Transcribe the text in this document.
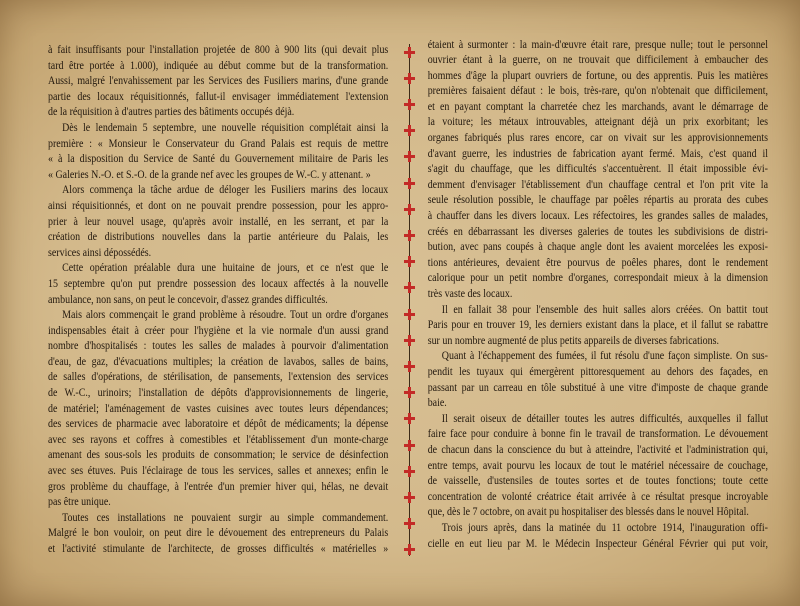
à fait insuffisants pour l'installation projetée de 800 à 900 lits (qui devait plus
tard être portée à 1.000), indiquée au début comme but de la transformation.
Aussi, malgré l'envahissement par les Services des Fusiliers marins, d'une grande
partie des locaux réquisitionnés, fallut-il envisager immédiatement l'extension
de la réquisition à d'autres parties des bâtiments occupés déjà.
Dès le lendemain 5 septembre, une nouvelle réquisition complétait ainsi la
première : « Monsieur le Conservateur du Grand Palais est requis de mettre
« à la disposition du Service de Santé du Gouvernement militaire de Paris les
« Galeries N.-O. et S.-O. de la grande nef avec les groupes de W.-C. y attenant. »
Alors commença la tâche ardue de déloger les Fusiliers marins des locaux
ainsi réquisitionnés, et dont on ne pouvait prendre possession, pour les appro-
prier à leur nouvel usage, qu'après avoir installé, en les serrant, et par la
création de distributions nouvelles dans la partie antérieure du Palais, les
services ainsi dépossédés.
Cette opération préalable dura une huitaine de jours, et ce n'est que le
15 septembre qu'on put prendre possession des locaux affectés à la nouvelle
ambulance, non sans, on peut le concevoir, d'assez grandes difficultés.
Mais alors commençait le grand problème à résoudre. Tout un ordre d'organes
indispensables était à créer pour l'hygiène et la vie normale d'un aussi grand
nombre d'hospitalisés : toutes les salles de malades à pourvoir d'alimentation
d'eau, de gaz, d'évacuations multiples; la création de lavabos, salles de bains,
de salles d'opérations, de stérilisation, de pansements, l'extension des services
de W.-C., urinoirs; l'installation de dépôts d'approvisionnements de lingerie,
de matériel; l'aménagement de vastes cuisines avec toutes leurs dépendances;
des services de pharmacie avec laboratoire et dépôt de médicaments; la dépense
avec ses rayons et coffres à comestibles et l'établissement d'un monte-charge
amenant des sous-sols les produits de consommation; le service de désinfection
avec ses étuves. Puis l'éclairage de tous les services, salles et annexes; enfin le
gros problème du chauffage, à l'entrée d'un premier hiver qui, hélas, ne devait
pas être unique.
Toutes ces installations ne pouvaient surgir au simple commandement.
Malgré le bon vouloir, on peut dire le dévouement des entrepreneurs du Palais
et l'activité stimulante de l'architecte, de grosses difficultés « matérielles »
étaient à surmonter : la main-d'œuvre était rare, presque nulle; tout le personnel
ouvrier étant à la guerre, on ne trouvait que difficilement à embaucher des
hommes d'âge la plupart ouvriers de fortune, ou des apprentis. Puis les matières
premières faisaient défaut : le bois, très-rare, qu'on n'obtenait que difficilement,
et en payant comptant la charretée chez les marchands, avant le démarrage de
la voiture; les métaux introuvables, atteignant déjà un prix exorbitant; les
organes fabriqués plus rares encore, car on vivait sur les approvisionnements
d'avant guerre, les industries de fabrication ayant fermé. Mais, c'est quand il
s'agit du chauffage, que les difficultés s'accentuèrent. Il était impossible évi-
demment d'envisager l'établissement d'un chauffage central et l'on prit vite la
seule résolution possible, le chauffage par poêles répartis au prorata des cubes
à chauffer dans les divers locaux. Les réfectoires, les grandes salles de malades,
créés en débarrassant les diverses galeries de toutes les subdivisions de distri-
bution, avec pans coupés à chaque angle dont les avaient morcelées les exposi-
tions antérieures, devaient être pourvus de poêles phares, dont le rendement
calorique pour un petit nombre d'organes, correspondait mieux à la dimension
très vaste des locaux.
Il en fallait 38 pour l'ensemble des huit salles alors créées. On battit tout
Paris pour en trouver 19, les derniers existant dans la place, et il fallut se rabattre
sur un nombre augmenté de plus petits appareils de diverses fabrications.
Quant à l'échappement des fumées, il fut résolu d'une façon simpliste. On sus-
pendit les tuyaux qui émergèrent pittoresquement au dehors des façades, en
passant par un carreau en tôle substitué à une vitre d'imposte de chaque grande
baie.
Il serait oiseux de détailler toutes les autres difficultés, auxquelles il fallut
faire face pour conduire à bonne fin le travail de transformation. Le dévouement
de chacun dans la conscience du but à atteindre, l'activité et l'administration qui,
entre temps, avait pourvu les locaux de tout le matériel nécessaire de couchage,
de vaisselle, d'ustensiles de toutes sortes et de toutes fonctions; toute cette
concentration de volonté créatrice était arrivée à ce résultat presque incroyable
que, dès le 7 octobre, on avait pu hospitaliser des blessés dans le nouvel Hôpital.
Trois jours après, dans la matinée du 11 octobre 1914, l'inauguration offi-
cielle en eut lieu par M. le Médecin Inspecteur Général Février qui put voir,
